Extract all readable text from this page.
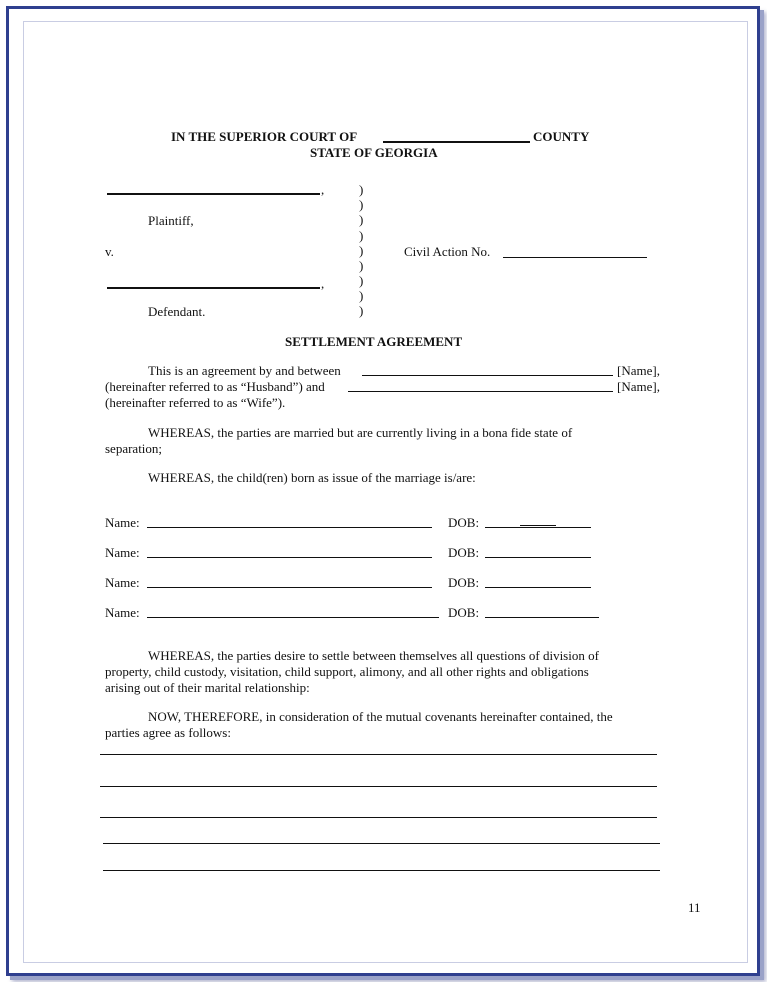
IN THE SUPERIOR COURT OF	COUNTY
STATE OF GEORGIA
,
Plaintiff,
v.
,
Defendant.
)
)
)
)
)
)
)
)
)
Civil Action No.
SETTLEMENT AGREEMENT
This is an agreement by and between	[Name],
(hereinafter referred to as “Husband”) and	[Name],
(hereinafter referred to as “Wife”).
WHEREAS, the parties are married but are currently living in a bona fide state of
separation;
WHEREAS, the child(ren) born as issue of the marriage is/are:
Name:	DOB:
Name:	DOB:
Name:	DOB:
Name:	DOB:
WHEREAS, the parties desire to settle between themselves all questions of division of
property, child custody, visitation, child support, alimony, and all other rights and obligations
arising out of their marital relationship:
NOW, THEREFORE, in consideration of the mutual covenants hereinafter contained, the
parties agree as follows:
11
